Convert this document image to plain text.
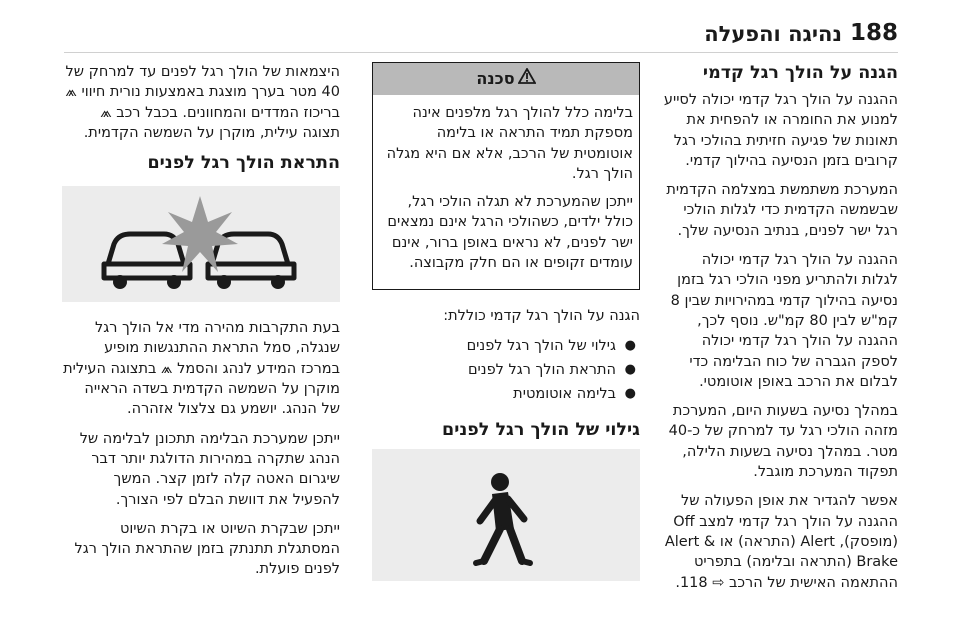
188
נהיגה והפעלה
הגנה על הולך רגל קדמי

ההגנה על הולך רגל קדמי יכולה לסייע למנוע את החומרה או להפחית את תאונות של פגיעה חזיתית בהולכי רגל קרובים בזמן הנסיעה בהילוך קדמי.

המערכת משתמשת במצלמה הקדמית שבשמשה הקדמית כדי לגלות הולכי רגל ישר לפנים, בנתיב הנסיעה שלך.

ההגנה על הולך רגל קדמי יכולה לגלות ולהתריע מפני הולכי רגל בזמן נסיעה בהילוך קדמי במהירויות שבין 8 קמ"ש לבין 80 קמ"ש. נוסף לכך, ההגנה על הולך רגל קדמי יכולה לספק הגברה של כוח הבלימה כדי לבלום את הרכב באופן אוטומטי.

במהלך נסיעה בשעות היום, המערכת מזהה הולכי רגל עד למרחק של כ-40 מטר. במהלך נסיעה בשעות הלילה, תפקוד המערכת מוגבל.

אפשר להגדיר את אופן הפעולה של ההגנה על הולך רגל קדמי למצב Off (מופסק), Alert (התראה) או Alert & Brake (התראה ובלימה) בתפריט ההתאמה האישית של הרכב ⇨ 118.

סכנה

בלימה כלל להולך רגל מלפנים אינה מספקת תמיד התראה או בלימה אוטומטית של הרכב, אלא אם היא מגלה הולך רגל.

ייתכן שהמערכת לא תגלה הולכי רגל, כולל ילדים, כשהולכי הרגל אינם נמצאים ישר לפנים, לא נראים באופן ברור, אינם עומדים זקופים או הם חלק מקבוצה.

הגנה על הולך רגל קדמי כוללת:

●
גילוי של הולך רגל לפנים
●
התראת הולך רגל לפנים
●
בלימה אוטומטית
גילוי של הולך רגל לפנים

היצמאות של הולך רגל לפנים עד למרחק של 40 מטר בערך מוצגת באמצעות נורית חיווי ⩕ בריכוז המדדים והמחוונים. בכבל רכב ⩕ תצוגה עילית, מוקרן על השמשה הקדמית.

התראת הולך רגל לפנים

בעת התקרבות מהירה מדי אל הולך רגל שנגלה, סמל התראת ההתנגשות מופיע במרכז המידע לנהג והסמל ⩕ בתצוגה העילית מוקרן על השמשה הקדמית בשדה הראייה של הנהג. יושמע גם צלצול אזהרה.

ייתכן שמערכת הבלימה תתכונן לבלימה של הנהג שתקרה במהירות הדולגת יותר דבר שיגרום האטה קלה לזמן קצר. המשך להפעיל את דוושת הבלם לפי הצורך.

ייתכן שבקרת השיוט או בקרת השיוט המסתגלת תתנתק בזמן שהתראת הולך רגל לפנים פועלת.
